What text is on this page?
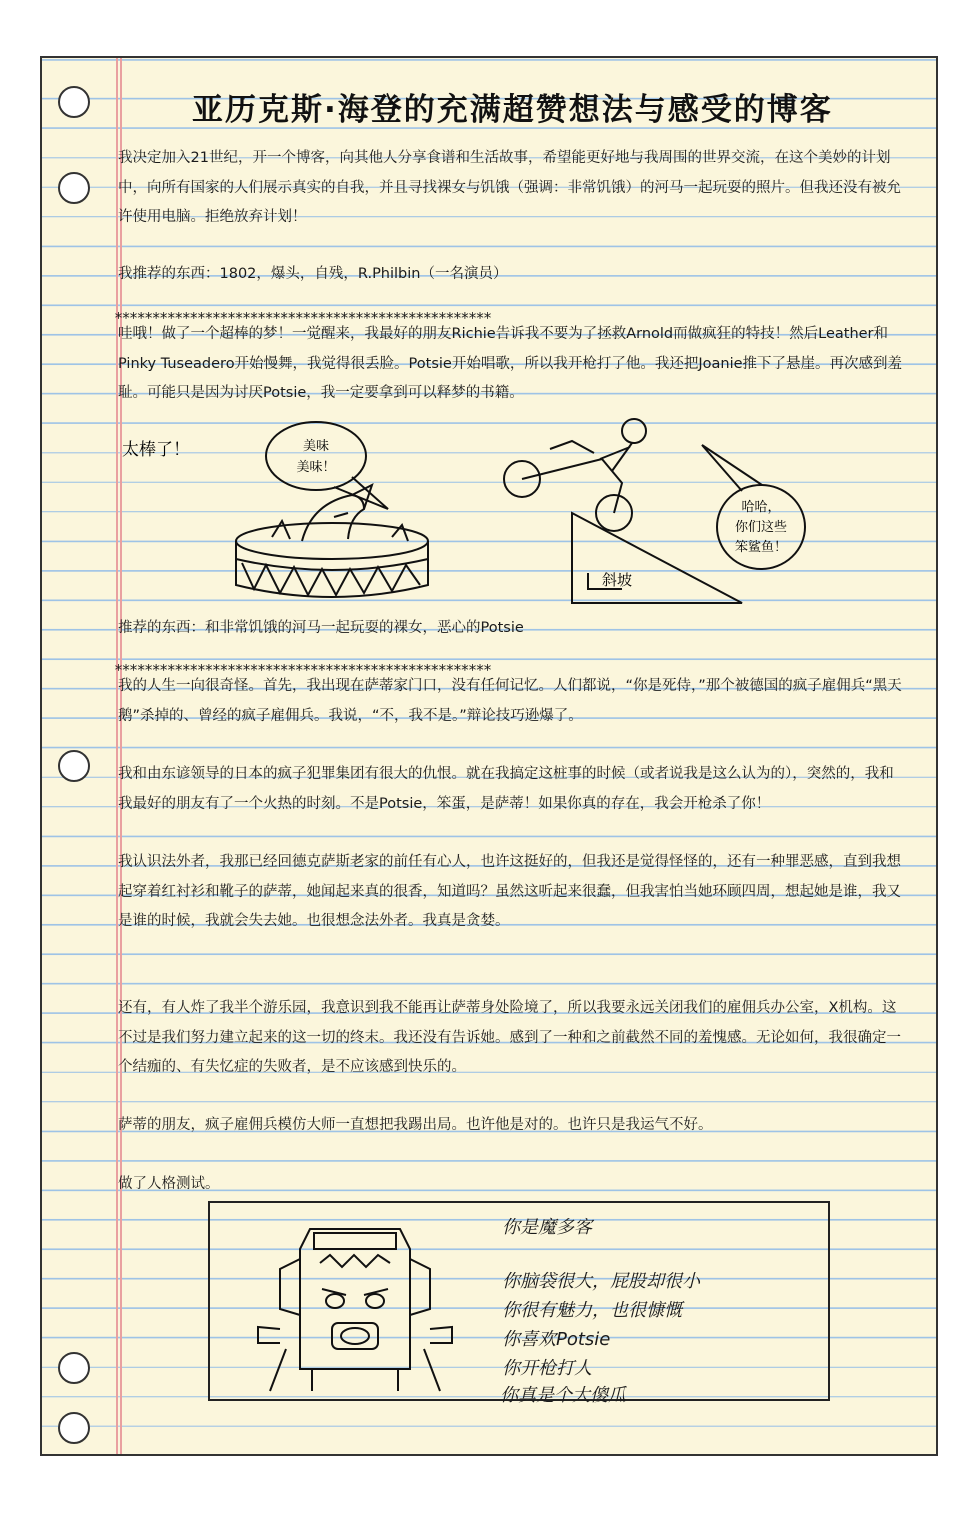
亚历克斯·海登的充满超赞想法与感受的博客

我决定加入21世纪，开一个博客，向其他人分享食谱和生活故事，希望能更好地与我周围的世界交流，在这个美妙的计划中，向所有国家的人们展示真实的自我，并且寻找裸女与饥饿（强调：非常饥饿）的河马一起玩耍的照片。但我还没有被允许使用电脑。拒绝放弃计划！

我推荐的东西：1802，爆头，自残，R.Philbin（一名演员）

**************************************************

哇哦！做了一个超棒的梦！一觉醒来，我最好的朋友Richie告诉我不要为了拯救Arnold而做疯狂的特技！然后Leather和Pinky Tuseadero开始慢舞，我觉得很丢脸。Potsie开始唱歌，所以我开枪打了他。我还把Joanie推下了悬崖。再次感到羞耻。可能只是因为讨厌Potsie，我一定要拿到可以释梦的书籍。

太棒了！	美味
美味！
哈哈，
你们这些
笨鲨鱼！
斜坡

推荐的东西：和非常饥饿的河马一起玩耍的裸女，恶心的Potsie

**************************************************

我的人生一向很奇怪。首先，我出现在萨蒂家门口，没有任何记忆。人们都说，“你是死侍，”那个被德国的疯子雇佣兵“黑天鹅”杀掉的、曾经的疯子雇佣兵。我说，“不，我不是。”辩论技巧逊爆了。

我和由东谚领导的日本的疯子犯罪集团有很大的仇恨。就在我搞定这桩事的时候（或者说我是这么认为的），突然的，我和我最好的朋友有了一个火热的时刻。不是Potsie，笨蛋，是萨蒂！如果你真的存在，我会开枪杀了你！

我认识法外者，我那已经回德克萨斯老家的前任有心人，也许这挺好的，但我还是觉得怪怪的，还有一种罪恶感，直到我想起穿着红衬衫和靴子的萨蒂，她闻起来真的很香，知道吗？虽然这听起来很蠢，但我害怕当她环顾四周，想起她是谁，我又是谁的时候，我就会失去她。也很想念法外者。我真是贪婪。

还有，有人炸了我半个游乐园，我意识到我不能再让萨蒂身处险境了，所以我要永远关闭我们的雇佣兵办公室，X机构。这不过是我们努力建立起来的这一切的终末。我还没有告诉她。感到了一种和之前截然不同的羞愧感。无论如何，我很确定一个结痂的、有失忆症的失败者，是不应该感到快乐的。

萨蒂的朋友，疯子雇佣兵模仿大师一直想把我踢出局。也许他是对的。也许只是我运气不好。

做了人格测试。

你是魔多客
你脑袋很大，屁股却很小
你很有魅力，也很慷慨
你喜欢Potsie
你开枪打人
你真是个大傻瓜
